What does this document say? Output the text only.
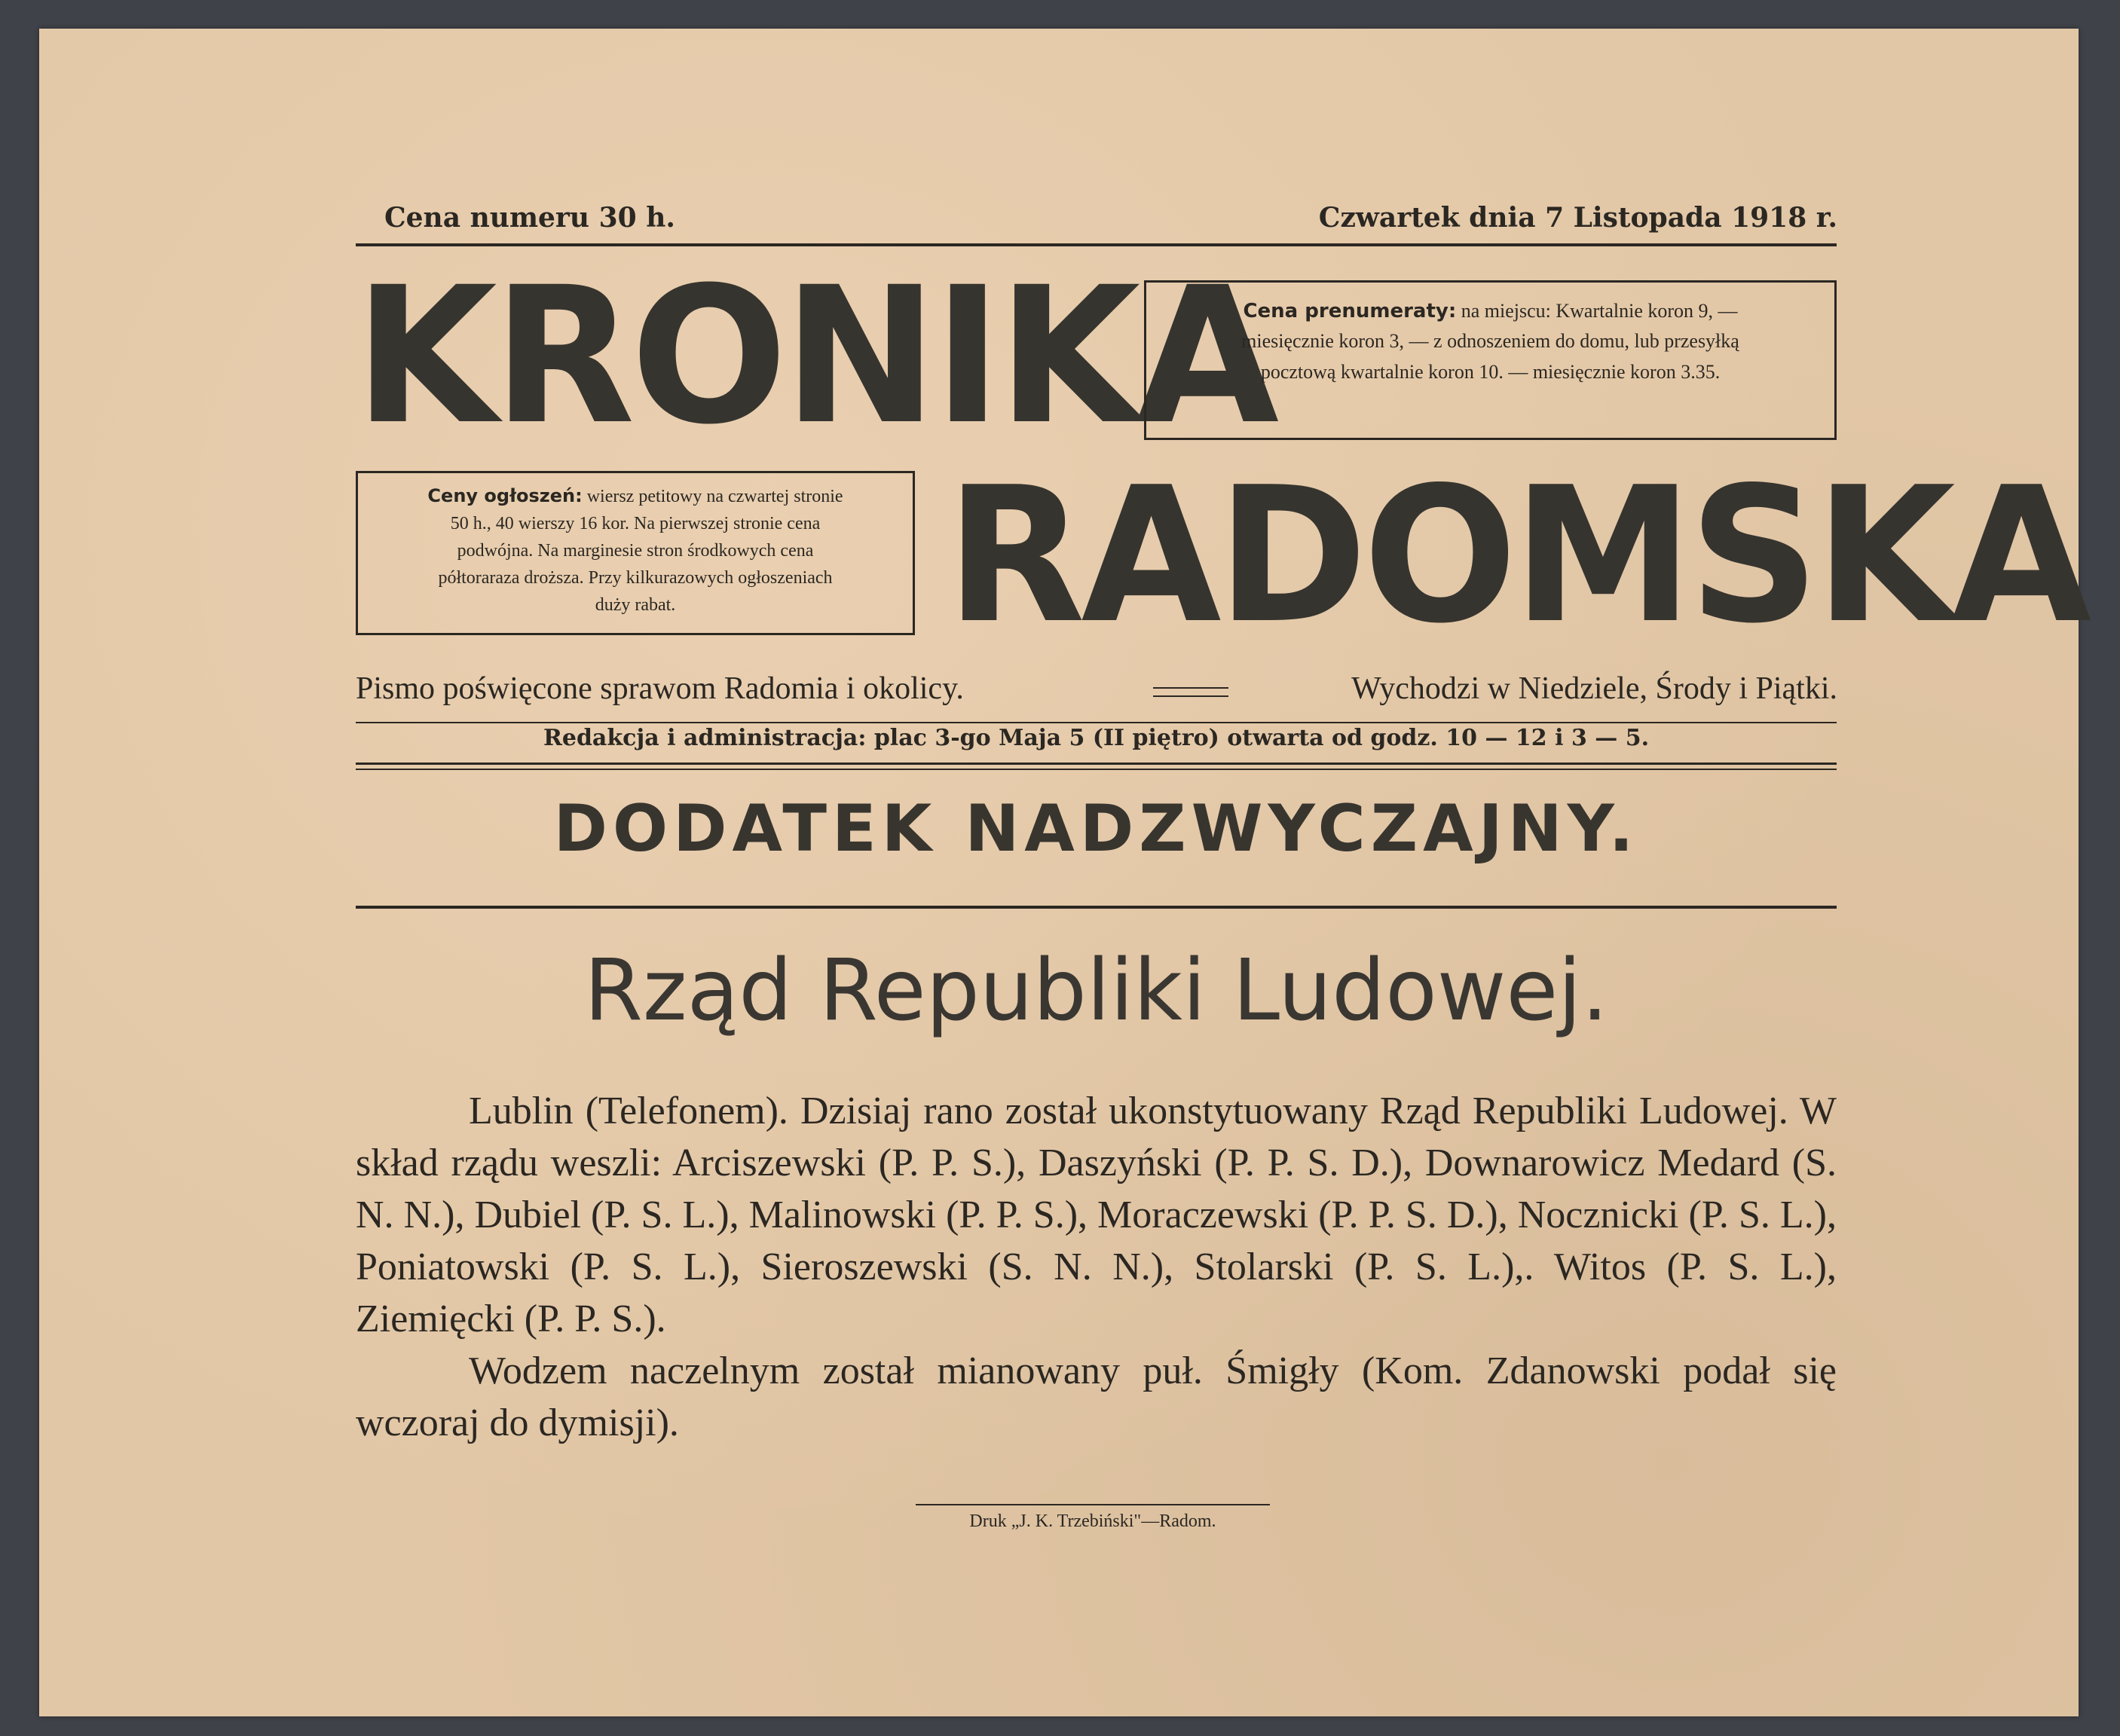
Cena numeru 30 h.	Czwartek dnia 7 Listopada 1918 r.
KRONIKA
Cena prenumeraty: na miejscu: Kwartalnie koron 9, —
miesięcznie koron 3, — z odnoszeniem do domu, lub przesyłką
pocztową kwartalnie koron 10. — miesięcznie koron 3.35.
Ceny ogłoszeń: wiersz petitowy na czwartej stronie
50 h., 40 wierszy 16 kor. Na pierwszej stronie cena
podwójna. Na marginesie stron środkowych cena
półtoraraza droższa. Przy kilkurazowych ogłoszeniach
duży rabat.	RADOMSKA
Pismo poświęcone sprawom Radomia i okolicy.	Wychodzi w Niedziele, Środy i Piątki.
Redakcja i administracja: plac 3-go Maja 5 (II piętro) otwarta od godz. 10 — 12 i 3 — 5.
DODATEK NADZWYCZAJNY.
Rząd Republiki Ludowej.

Lublin (Telefonem). Dzisiaj rano został ukonstytuowany Rząd Republiki Ludowej. W skład rządu weszli: Arciszewski (P. P. S.), Daszyński (P. P. S. D.), Downarowicz Medard (S. N. N.), Dubiel (P. S. L.), Malinowski (P. P. S.), Moraczewski (P. P. S. D.), Nocznicki (P. S. L.), Poniatowski (P. S. L.), Sieroszewski (S. N. N.), Stolarski (P. S. L.),. Witos (P. S. L.), Ziemięcki (P. P. S.).

Wodzem naczelnym został mianowany puł. Śmigły (Kom. Zdanowski podał się wczoraj do dymisji).

Druk „J. K. Trzebiński"—Radom.
